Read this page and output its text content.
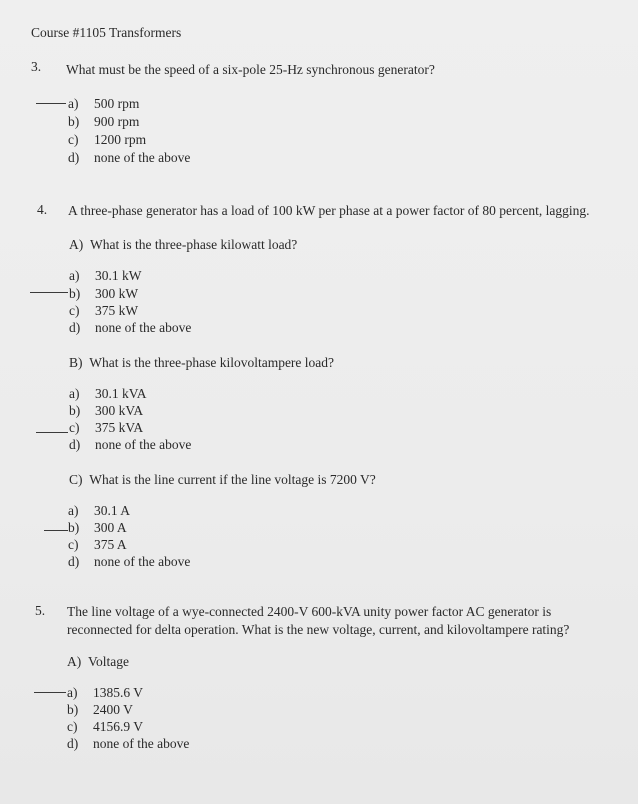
Course #1105 Transformers
3. What must be the speed of a six-pole 25-Hz synchronous generator?
a) 500 rpm
b) 900 rpm
c) 1200 rpm
d) none of the above
4. A three-phase generator has a load of 100 kW per phase at a power factor of 80 percent, lagging.
A) What is the three-phase kilowatt load?
a) 30.1 kW
b) 300 kW
c) 375 kW
d) none of the above
B) What is the three-phase kilovoltampere load?
a) 30.1 kVA
b) 300 kVA
c) 375 kVA
d) none of the above
C) What is the line current if the line voltage is 7200 V?
a) 30.1 A
b) 300 A
c) 375 A
d) none of the above
5. The line voltage of a wye-connected 2400-V 600-kVA unity power factor AC generator is
reconnected for delta operation. What is the new voltage, current, and kilovoltampere rating?
A) Voltage
a) 1385.6 V
b) 2400 V
c) 4156.9 V
d) none of the above
